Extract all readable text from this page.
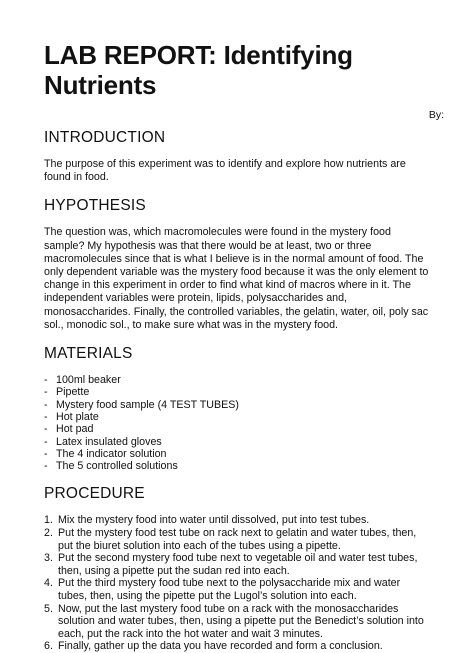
LAB REPORT: Identifying Nutrients
By:
INTRODUCTION

The purpose of this experiment was to identify and explore how nutrients are found in food.

HYPOTHESIS

The question was, which macromolecules were found in the mystery food sample? My hypothesis was that there would be at least, two or three macromolecules since that is what I believe is in the normal amount of food. The only dependent variable was the mystery food because it was the only element to change in this experiment in order to find what kind of macros where in it. The independent variables were protein, lipids, polysaccharides and, monosaccharides. Finally, the controlled variables, the gelatin, water, oil, poly sac sol., monodic sol., to make sure what was in the mystery food.

MATERIALS
- 100ml beaker
- Pipette
- Mystery food sample (4 TEST TUBES)
- Hot plate
- Hot pad
- Latex insulated gloves
- The 4 indicator solution
- The 5 controlled solutions
PROCEDURE
1. Mix the mystery food into water until dissolved, put into test tubes.
2. Put the mystery food test tube on rack next to gelatin and water tubes, then, put the biuret solution into each of the tubes using a pipette.
3. Put the second mystery food tube next to vegetable oil and water test tubes, then, using a pipette put the sudan red into each.
4. Put the third mystery food tube next to the polysaccharide mix and water tubes, then, using the pipette put the Lugol’s solution into each.
5. Now, put the last mystery food tube on a rack with the monosaccharides solution and water tubes, then, using a pipette put the Benedict’s solution into each, put the rack into the hot water and wait 3 minutes.
6. Finally, gather up the data you have recorded and form a conclusion.
